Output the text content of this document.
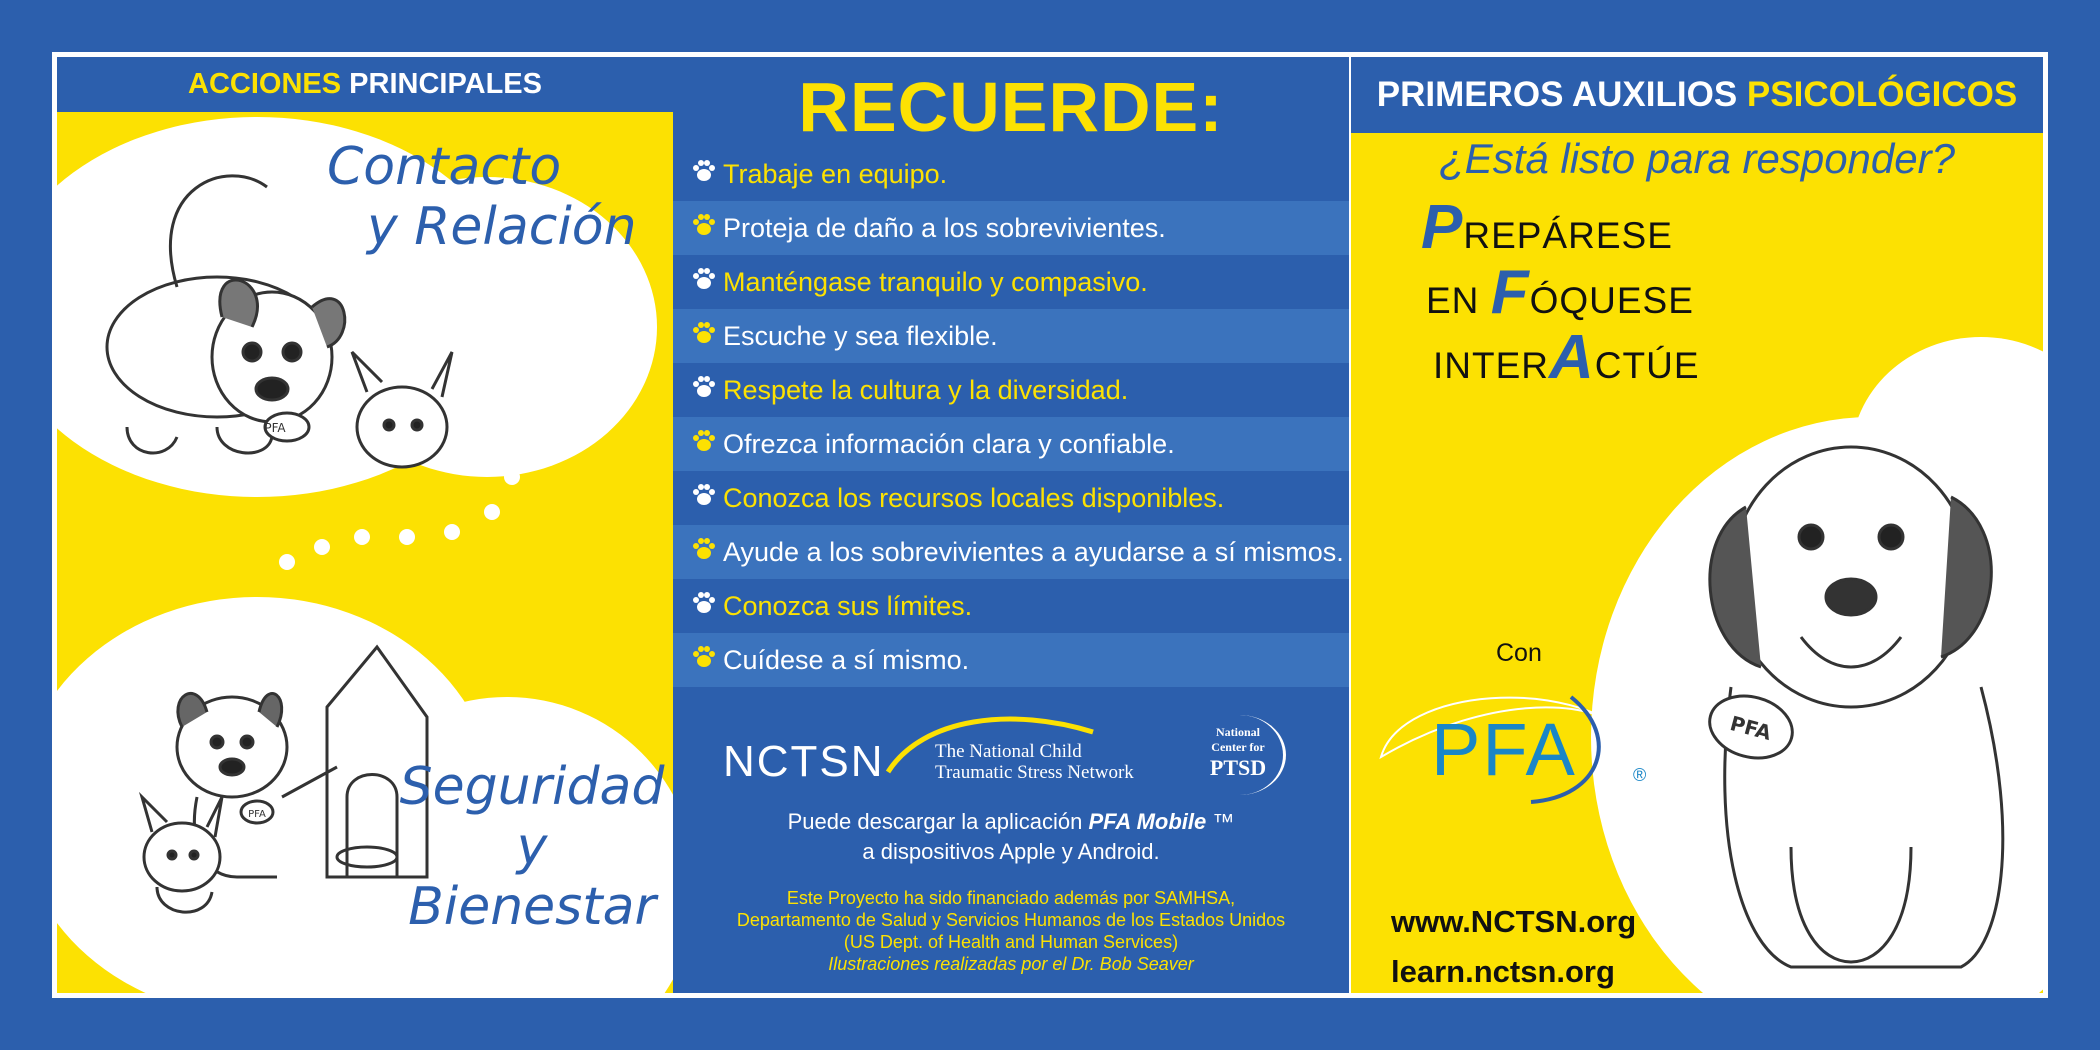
ACCIONES PRINCIPALES
Contacto
y Relación
PFA
PFA	Seguridad
y
Bienestar
RECUERDE:
Trabaje en equipo.
Proteja de daño a los sobrevivientes.
Manténgase tranquilo y compasivo.
Escuche y sea flexible.
Respete la cultura y la diversidad.
Ofrezca información clara y confiable.
Conozca los recursos locales disponibles.
Ayude a los sobrevivientes a ayudarse a sí mismos.
Conozca sus límites.
Cuídese a sí mismo.
NCTSN	The National Child
Traumatic Stress Network
National
Center for
PTSD
Puede descargar la aplicación PFA Mobile ™
a dispositivos Apple y Android.
Este Proyecto ha sido financiado además por SAMHSA,
Departamento de Salud y Servicios Humanos de los Estados Unidos
(US Dept. of Health and Human Services)
Ilustraciones realizadas por el Dr. Bob Seaver
PRIMEROS AUXILIOS PSICOLÓGICOS
¿Está listo para responder?
PREPÁRESE
EN FÓQUESE
INTERACTÚE
PFA
Con
PFA	®
www.NCTSN.org
learn.nctsn.org
